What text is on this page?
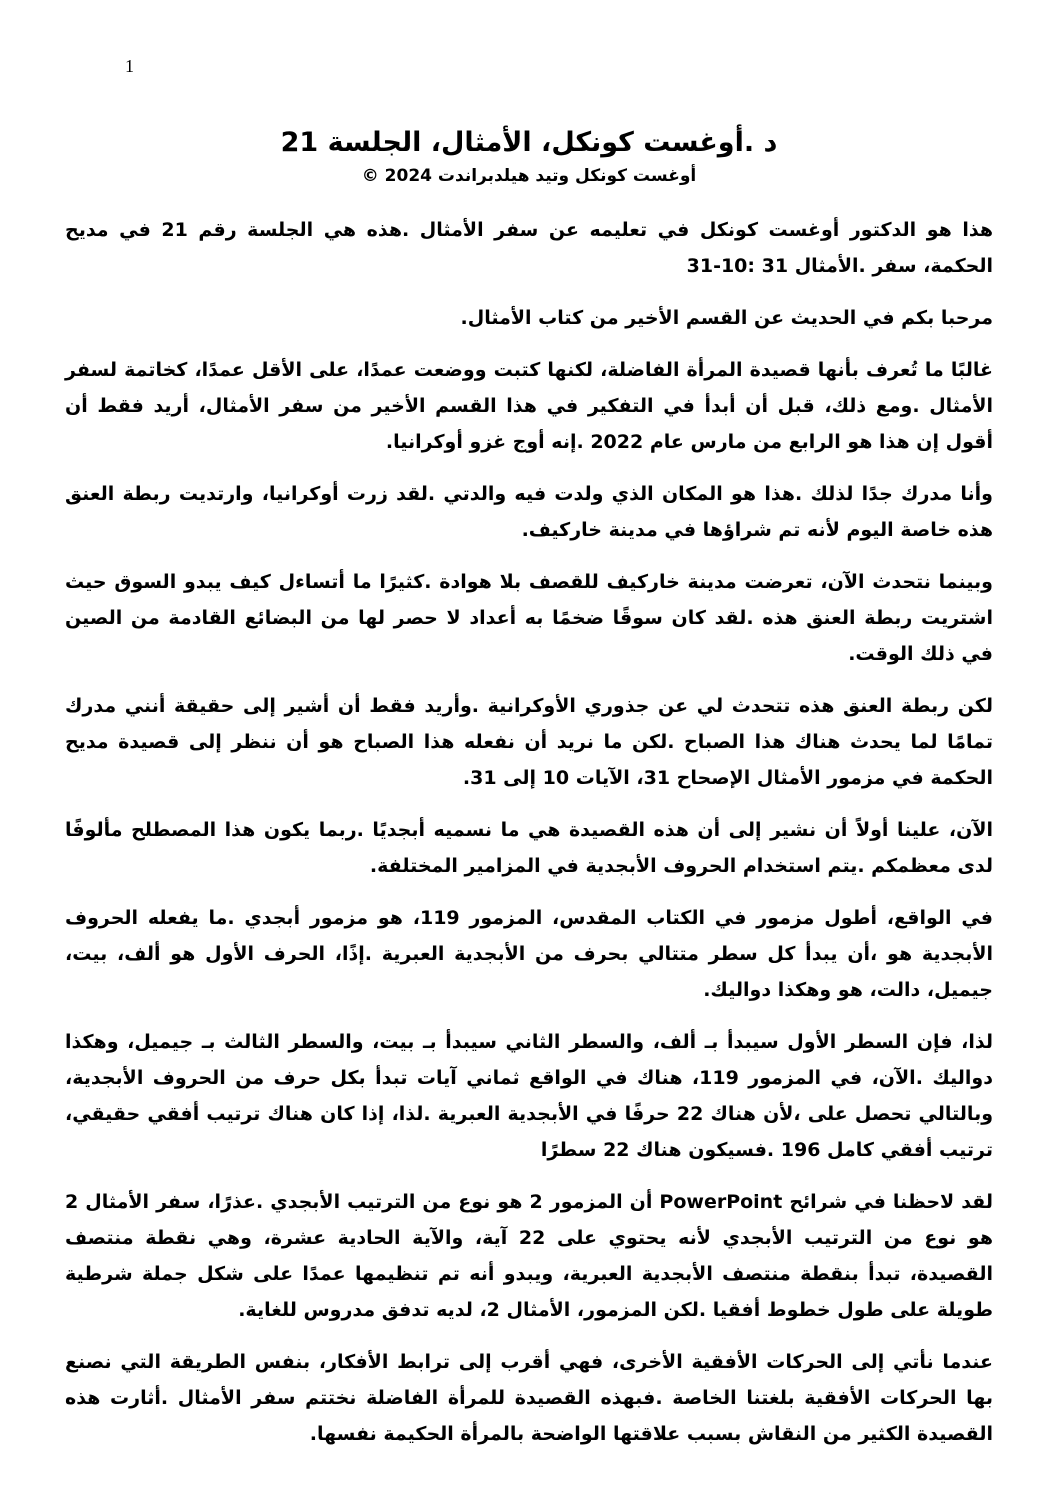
1
د .أوغست كونكل، الأمثال، الجلسة 21

أوغست كونكل وتيد هيلدبراندت 2024 ©

هذا هو الدكتور أوغست كونكل في تعليمه عن سفر الأمثال .هذه هي الجلسة رقم 21 في مديح الحكمة، سفر .الأمثال 31 :10-31

مرحبا بكم في الحديث عن القسم الأخير من كتاب الأمثال.

غالبًا ما تُعرف بأنها قصيدة المرأة الفاضلة، لكنها كتبت ووضعت عمدًا، على الأقل عمدًا، كخاتمة لسفر الأمثال .ومع ذلك، قبل أن أبدأ في التفكير في هذا القسم الأخير من سفر الأمثال، أريد فقط أن أقول إن هذا هو الرابع من مارس عام 2022 .إنه أوج غزو أوكرانيا.

وأنا مدرك جدًا لذلك .هذا هو المكان الذي ولدت فيه والدتي .لقد زرت أوكرانيا، وارتديت ربطة العنق هذه خاصة اليوم لأنه تم شراؤها في مدينة خاركيف.

وبينما نتحدث الآن، تعرضت مدينة خاركيف للقصف بلا هوادة .كثيرًا ما أتساءل كيف يبدو السوق حيث اشتريت ربطة العنق هذه .لقد كان سوقًا ضخمًا به أعداد لا حصر لها من البضائع القادمة من الصين في ذلك الوقت.

لكن ربطة العنق هذه تتحدث لي عن جذوري الأوكرانية .وأريد فقط أن أشير إلى حقيقة أنني مدرك تمامًا لما يحدث هناك هذا الصباح .لكن ما نريد أن نفعله هذا الصباح هو أن ننظر إلى قصيدة مديح الحكمة في مزمور الأمثال الإصحاح 31، الآيات 10 إلى 31.

الآن، علينا أولاً أن نشير إلى أن هذه القصيدة هي ما نسميه أبجديًا .ربما يكون هذا المصطلح مألوفًا لدى معظمكم .يتم استخدام الحروف الأبجدية في المزامير المختلفة.

في الواقع، أطول مزمور في الكتاب المقدس، المزمور 119، هو مزمور أبجدي .ما يفعله الحروف الأبجدية هو ،أن يبدأ كل سطر متتالي بحرف من الأبجدية العبرية .إذًا، الحرف الأول هو ألف، بيت، جيميل، دالت، هو وهكذا دواليك.

لذا، فإن السطر الأول سيبدأ بـ ألف، والسطر الثاني سيبدأ بـ بيت، والسطر الثالث بـ جيميل، وهكذا دواليك .الآن، في المزمور 119، هناك في الواقع ثماني آيات تبدأ بكل حرف من الحروف الأبجدية، وبالتالي تحصل على ،لأن هناك 22 حرفًا في الأبجدية العبرية .لذا، إذا كان هناك ترتيب أفقي حقيقي، ترتيب أفقي كامل 196 .فسيكون هناك 22 سطرًا

لقد لاحظنا في شرائح PowerPoint أن المزمور 2 هو نوع من الترتيب الأبجدي .عذرًا، سفر الأمثال 2 هو نوع من الترتيب الأبجدي لأنه يحتوي على 22 آية، والآية الحادية عشرة، وهي نقطة منتصف القصيدة، تبدأ بنقطة منتصف الأبجدية العبرية، ويبدو أنه تم تنظيمها عمدًا على شكل جملة شرطية طويلة على طول خطوط أفقيا .لكن المزمور، الأمثال 2، لديه تدفق مدروس للغاية.

عندما نأتي إلى الحركات الأفقية الأخرى، فهي أقرب إلى ترابط الأفكار، بنفس الطريقة التي نصنع بها الحركات الأفقية بلغتنا الخاصة .فبهذه القصيدة للمرأة الفاضلة نختتم سفر الأمثال .أثارت هذه القصيدة الكثير من النقاش بسبب علاقتها الواضحة بالمرأة الحكيمة نفسها.
